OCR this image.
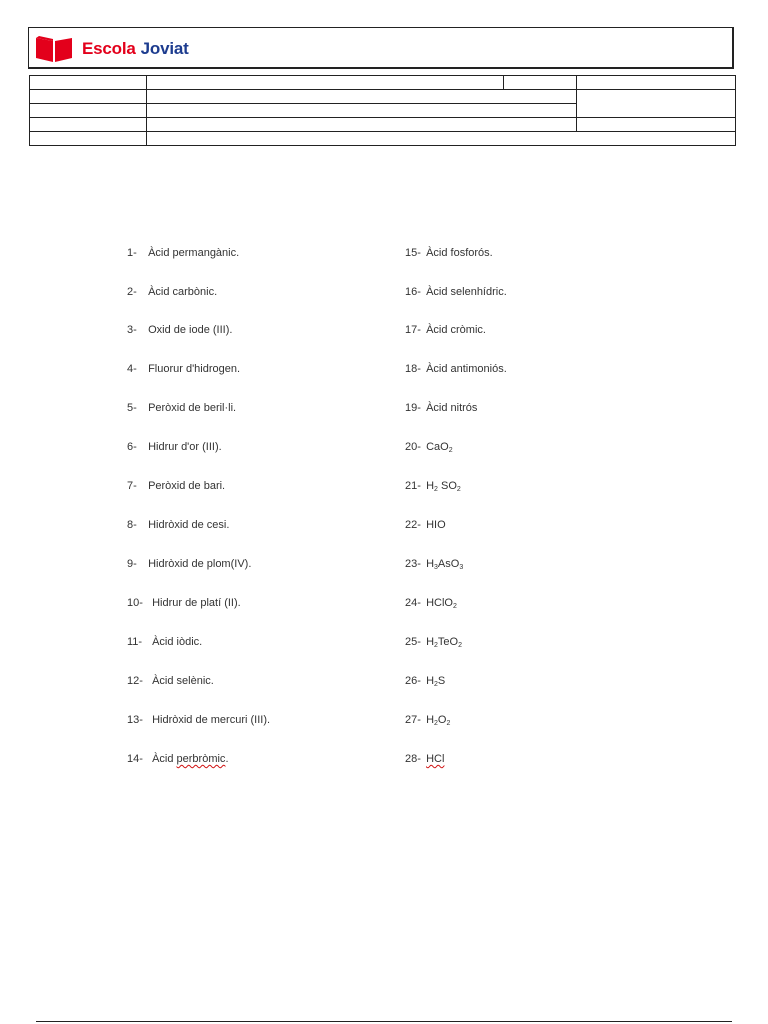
Escola Joviat

1- Àcid permangànic.
2- Àcid carbònic.
3- Oxid de iode (III).
4- Fluorur d'hidrogen.
5- Peròxid de beril·li.
6- Hidrur d'or (III).
7- Peròxid de bari.
8- Hidròxid de cesi.
9- Hidròxid de plom(IV).
10- Hidrur de platí (II).
11- Àcid iòdic.
12- Àcid selènic.
13- Hidròxid de mercuri (III).
14- Àcid perbròmic.
15- Àcid fosforós.
16- Àcid selenhídric.
17- Àcid cròmic.
18- Àcid antimoniós.
19- Àcid nitrós
20- CaO$_2$
21- $H_2$ $SO_2$
22- HIO
23- $H_3AsO_3$
24- HClO$_2$
25- $H_2TeO_2$
26- $H_2S$
27- $H_2O_2$
28- HCl
